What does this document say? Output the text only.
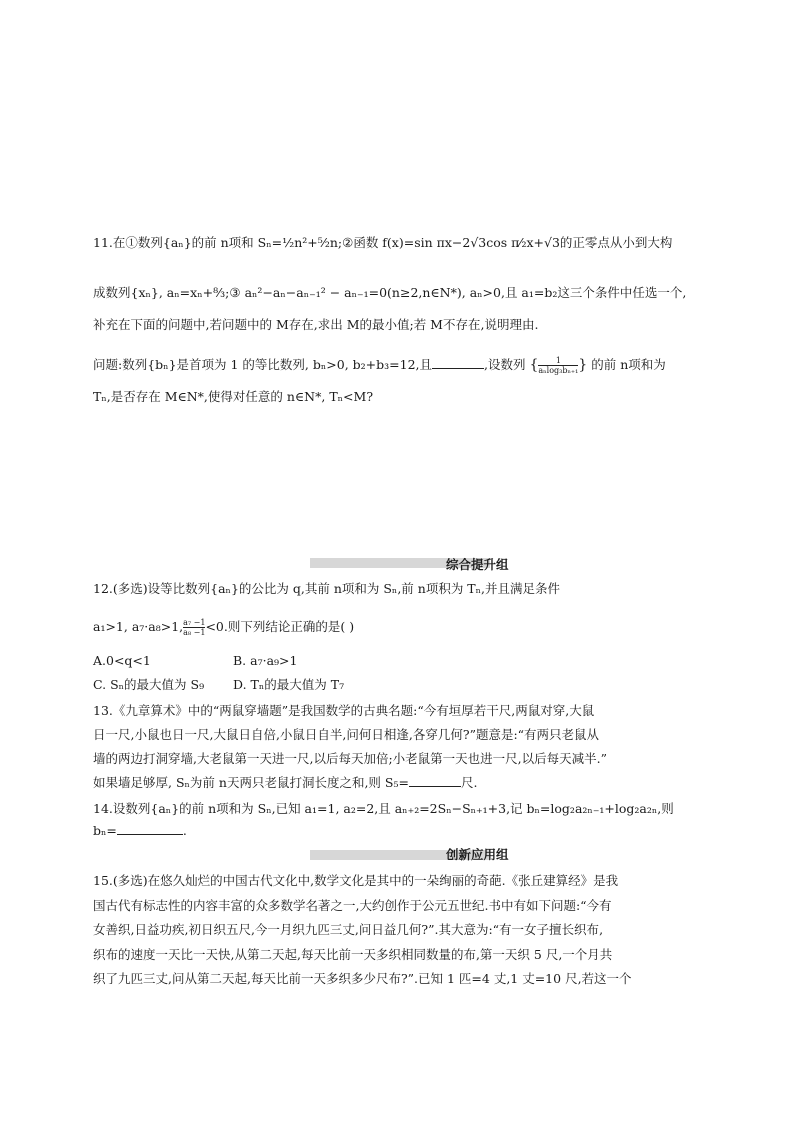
11.在①数列{aₙ}的前 n项和 Sₙ=½n²+⁵⁄₂n;②函数 f(x)=sin πx−2√3cos π⁄₂x+√3的正零点从小到大构
成数列{xₙ}, aₙ=xₙ+⁸⁄₃;③ aₙ²−aₙ−aₙ₋₁² − aₙ₋₁=0(n≥2,n∈N*), aₙ>0,且 a₁=b₂这三个条件中任选一个,
补充在下面的问题中,若问题中的 M存在,求出 M的最小值;若 M不存在,说明理由.
问题:数列{bₙ}是首项为 1 的等比数列, bₙ>0, b₂+b₃=12,且	,设数列 { $\frac{1}{\text{aₙlog₃bₙ₊₁}}$ } 的前 n项和为
Tₙ,是否存在 M∈N*,使得对任意的 n∈N*, Tₙ<M?
综合提升组
12.(多选)设等比数列{aₙ}的公比为 q,其前 n项和为 Sₙ,前 n项积为 Tₙ,并且满足条件
a₁>1, a₇·a₈>1, $\frac{\text{a₇ −1}}{\text{a₈ −1}} <0$.则下列结论正确的是( )
A.0<q<1	B. a₇·a₉>1
C. Sₙ的最大值为 S₉ D. Tₙ的最大值为 T₇
13.《九章算术》中的“两鼠穿墙题”是我国数学的古典名题:“今有垣厚若干尺,两鼠对穿,大鼠
日一尺,小鼠也日一尺,大鼠日自倍,小鼠日自半,问何日相逢,各穿几何?”题意是:“有两只老鼠从
墙的两边打洞穿墙,大老鼠第一天进一尺,以后每天加倍;小老鼠第一天也进一尺,以后每天减半.”
如果墙足够厚, Sₙ为前 n天两只老鼠打洞长度之和,则 S₅=	尺.
14.设数列{aₙ}的前 n项和为 Sₙ,已知 a₁=1, a₂=2,且 aₙ₊₂=2Sₙ−Sₙ₊₁+3,记 bₙ=log₂a₂ₙ₋₁+log₂a₂ₙ,则
bₙ=	.
创新应用组
15.(多选)在悠久灿烂的中国古代文化中,数学文化是其中的一朵绚丽的奇葩.《张丘建算经》是我
国古代有标志性的内容丰富的众多数学名著之一,大约创作于公元五世纪.书中有如下问题:“今有
女善织,日益功疾,初日织五尺,今一月织九匹三丈,问日益几何?”.其大意为:“有一女子擅长织布,
织布的速度一天比一天快,从第二天起,每天比前一天多织相同数量的布,第一天织 5 尺,一个月共
织了九匹三丈,问从第二天起,每天比前一天多织多少尺布?”.已知 1 匹=4 丈,1 丈=10 尺,若这一个
